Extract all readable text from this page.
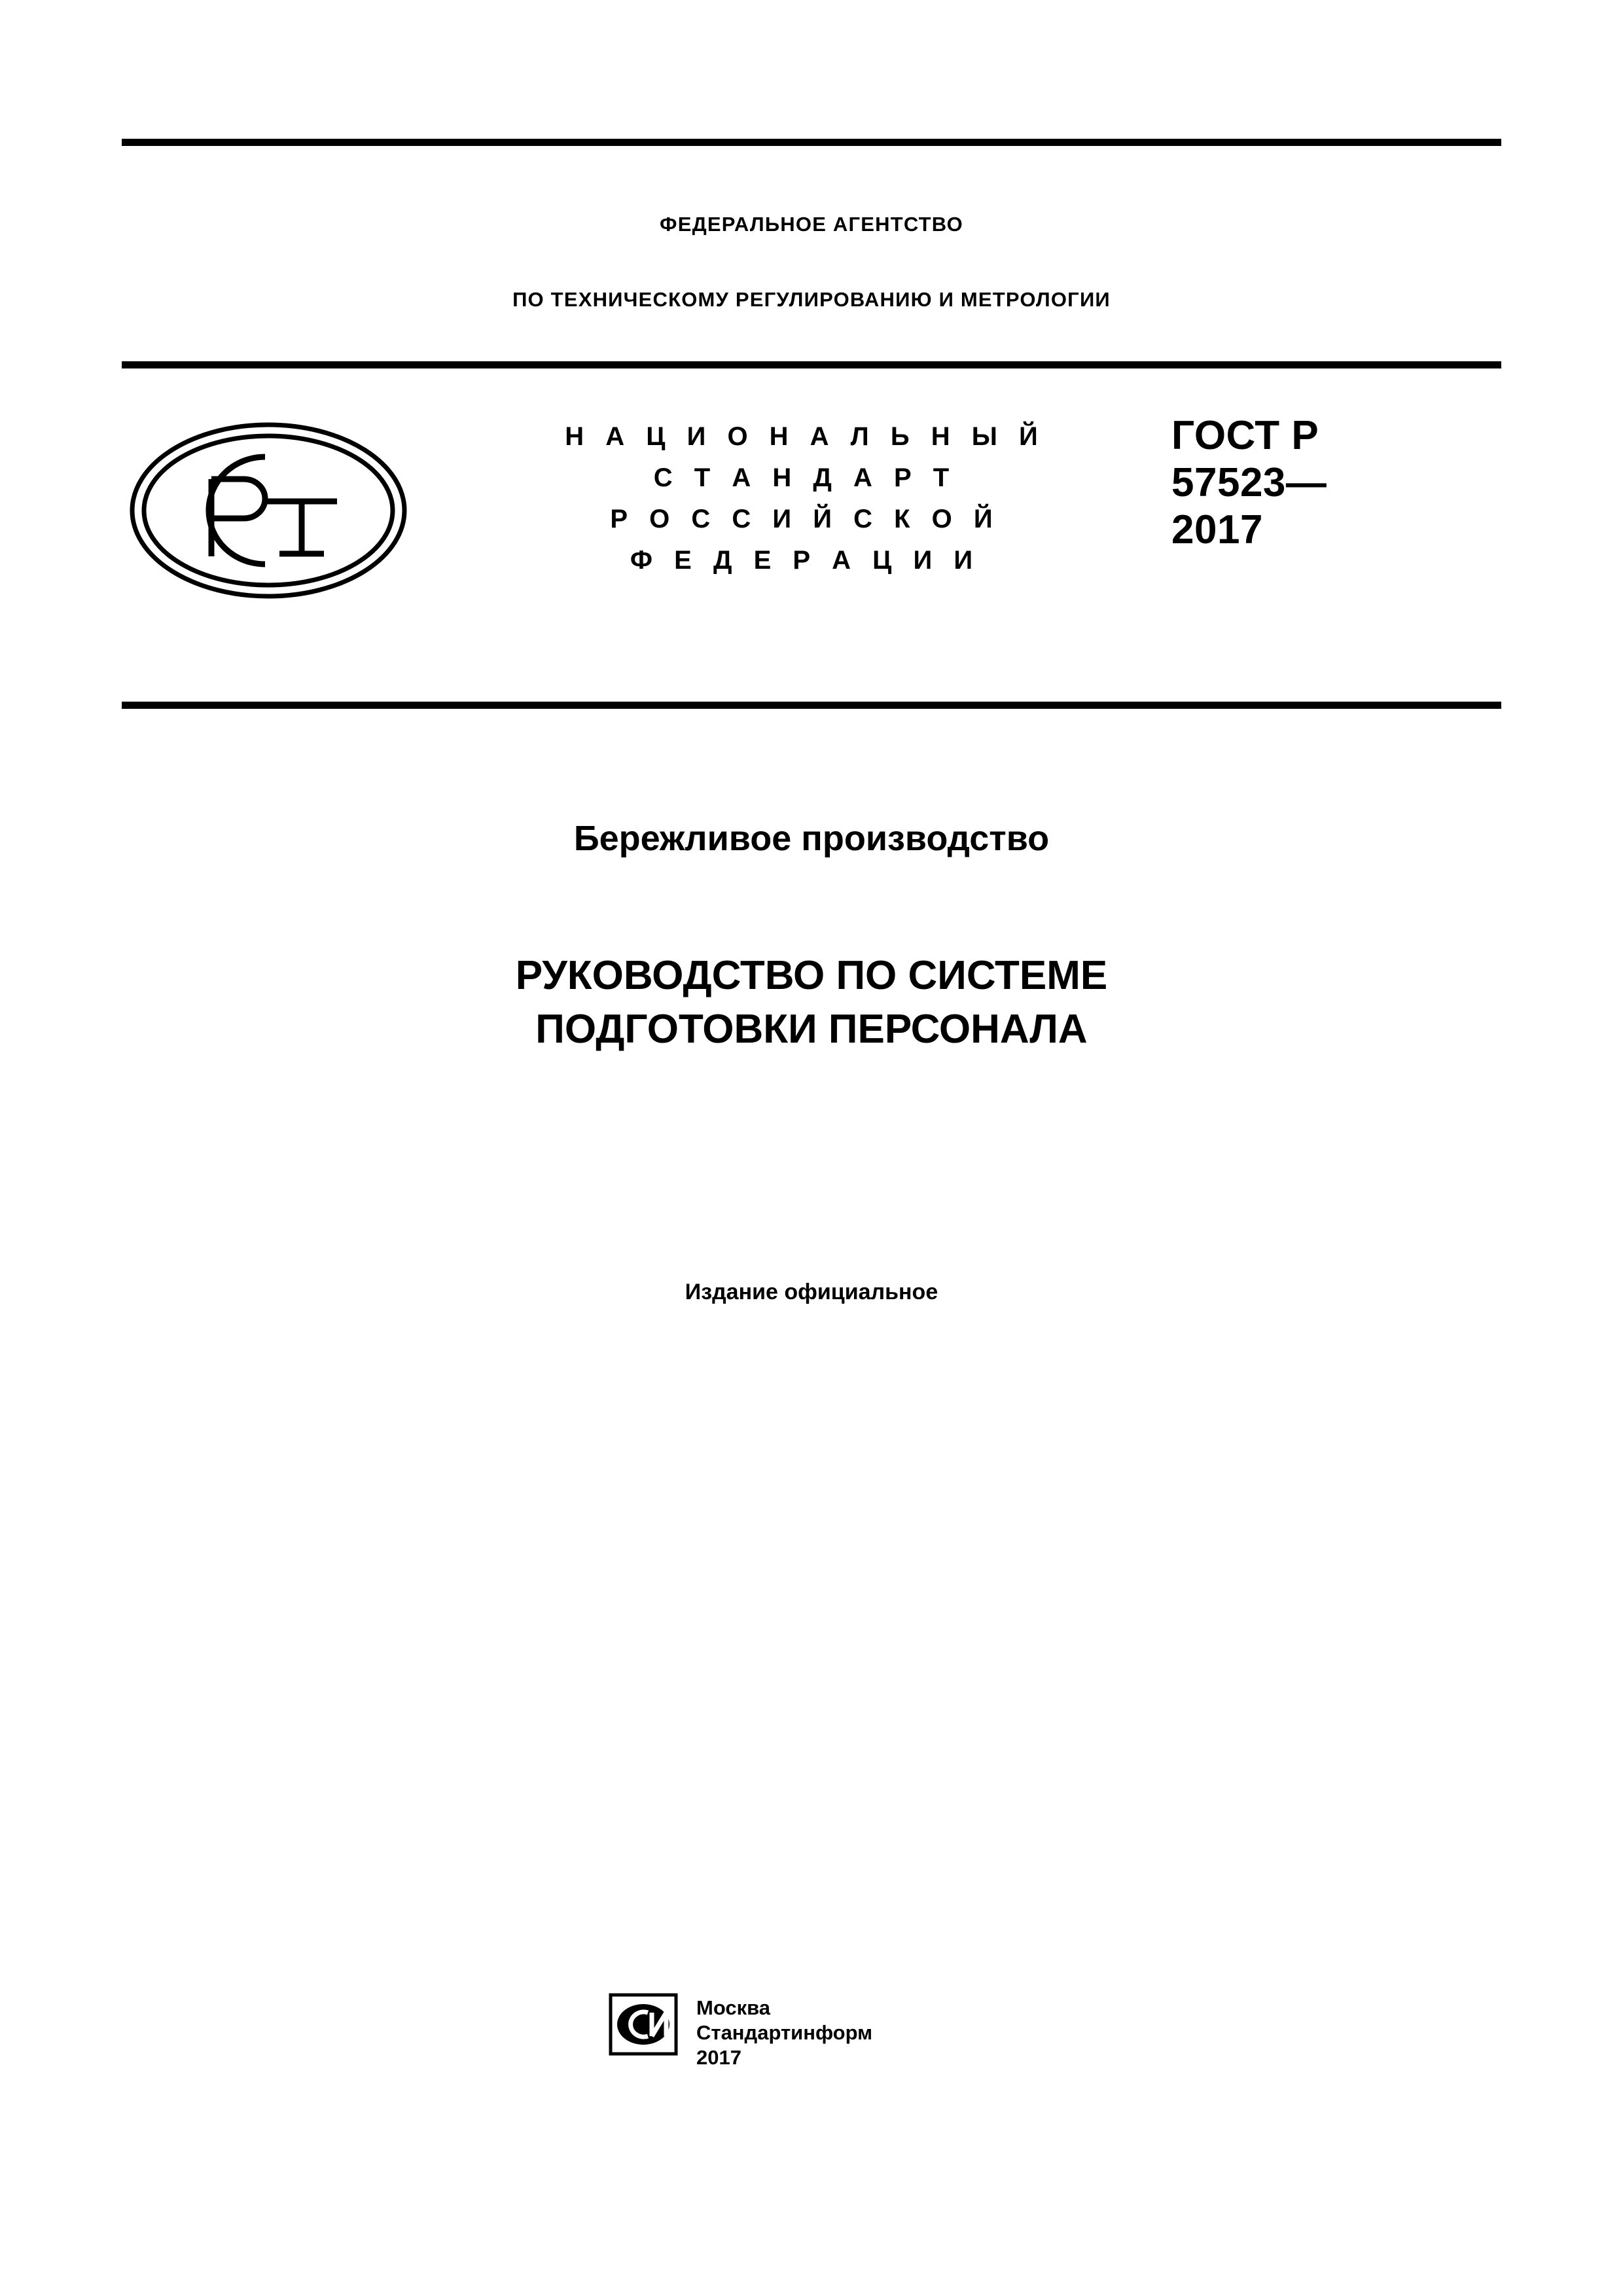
ФЕДЕРАЛЬНОЕ АГЕНТСТВО
ПО ТЕХНИЧЕСКОМУ РЕГУЛИРОВАНИЮ И МЕТРОЛОГИИ
Н А Ц И О Н А Л Ь Н Ы Й
С Т А Н Д А Р Т
Р О С С И Й С К О Й
Ф Е Д Е Р А Ц И И
ГОСТ Р
57523—
2017
Бережливое производство
РУКОВОДСТВО ПО СИСТЕМЕ
ПОДГОТОВКИ ПЕРСОНАЛА
Издание официальное
Москва
Стандартинформ
2017
